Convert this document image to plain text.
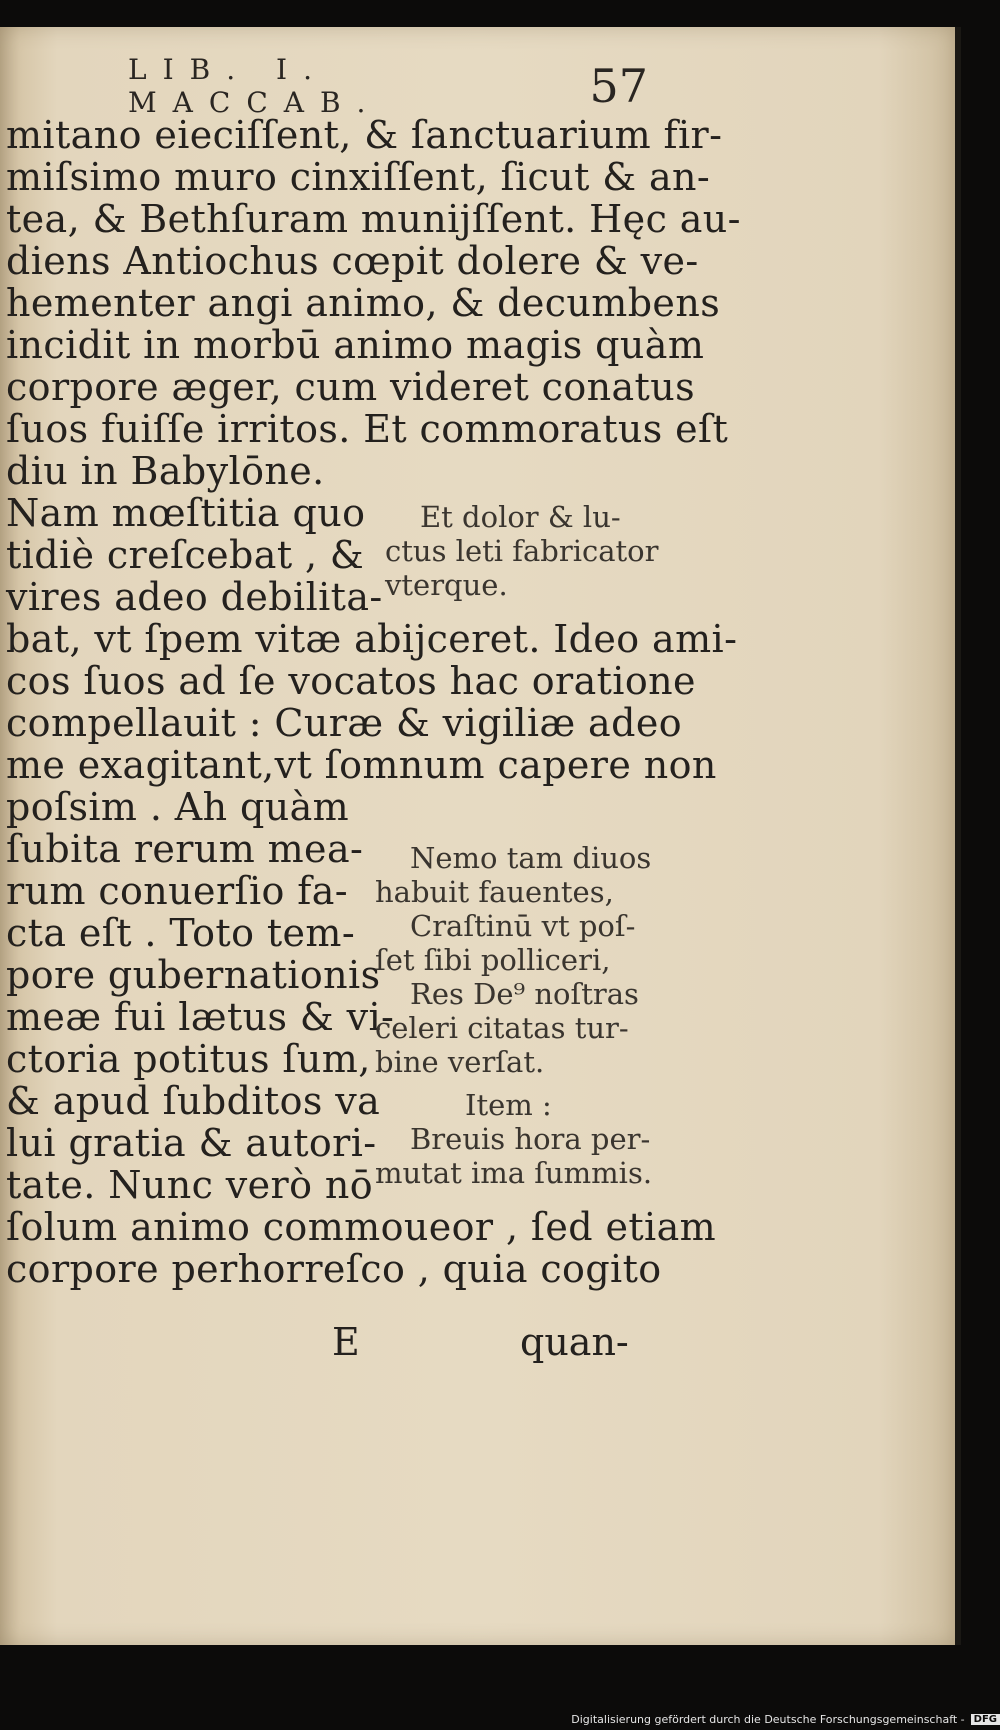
LIB. I. MACCAB.	57
mitano eieciſſent, & ſanctuarium fir-
miſsimo muro cinxiſſent, ſicut & an-
tea, & Bethſuram munijſſent. Hęc au-
diens Antiochus cœpit dolere & ve-
hementer angi animo, & decumbens
incidit in morbū animo magis quàm
corpore æger, cum videret conatus
ſuos fuiſſe irritos. Et commoratus eſt
diu in Babylōne.
Nam mœſtitia quo
tidiè creſcebat , &
vires adeo debilita-
bat, vt ſpem vitæ abijceret. Ideo ami-
cos ſuos ad ſe vocatos hac oratione
compellauit : Curæ & vigiliæ adeo
me exagitant,vt ſomnum capere non
poſsim . Ah quàm
ſubita rerum mea-
rum conuerſio fa-
cta eſt . Toto tem-
pore gubernationis
meæ fui lætus & vi-
ctoria potitus ſum,
& apud ſubditos va
lui gratia & autori-
tate. Nunc verò nō
ſolum animo commoueor , ſed etiam
corpore perhorreſco , quia cogito
Et dolor & lu-
ctus leti fabricator
vterque.
Nemo tam diuos
habuit fauentes,
Craſtinū vt poſ-
ſet ſibi polliceri,
Res De⁹ noſtras
celeri citatas tur-
bine verſat.
Item :
Breuis hora per-
mutat ima ſummis.
E	quan-
Digitalisierung gefördert durch die Deutsche Forschungsgemeinschaft - DFG
